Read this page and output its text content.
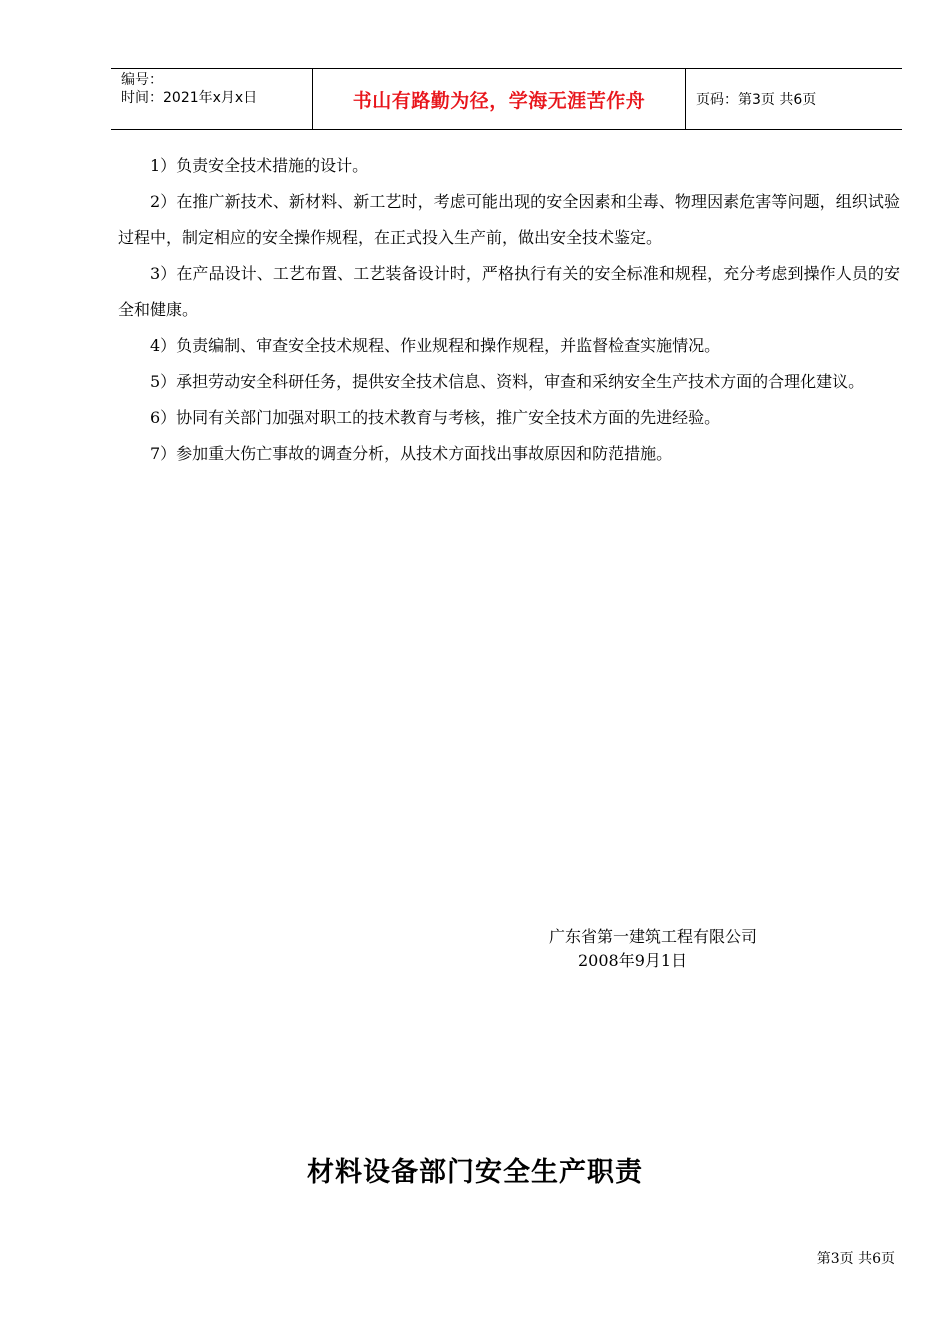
编号：
时间：2021年x月x日	书山有路勤为径，学海无涯苦作舟	页码：第3页 共6页

1）负责安全技术措施的设计。

2）在推广新技术、新材料、新工艺时，考虑可能出现的安全因素和尘毒、物理因素危害等问题，组织试验过程中，制定相应的安全操作规程，在正式投入生产前，做出安全技术鉴定。

3）在产品设计、工艺布置、工艺装备设计时，严格执行有关的安全标准和规程，充分考虑到操作人员的安全和健康。

4）负责编制、审查安全技术规程、作业规程和操作规程，并监督检查实施情况。

5）承担劳动安全科研任务，提供安全技术信息、资料，审查和采纳安全生产技术方面的合理化建议。

6）协同有关部门加强对职工的技术教育与考核，推广安全技术方面的先进经验。

7）参加重大伤亡事故的调查分析，从技术方面找出事故原因和防范措施。

广东省第一建筑工程有限公司
2008年9月1日
材料设备部门安全生产职责
第3页 共6页
